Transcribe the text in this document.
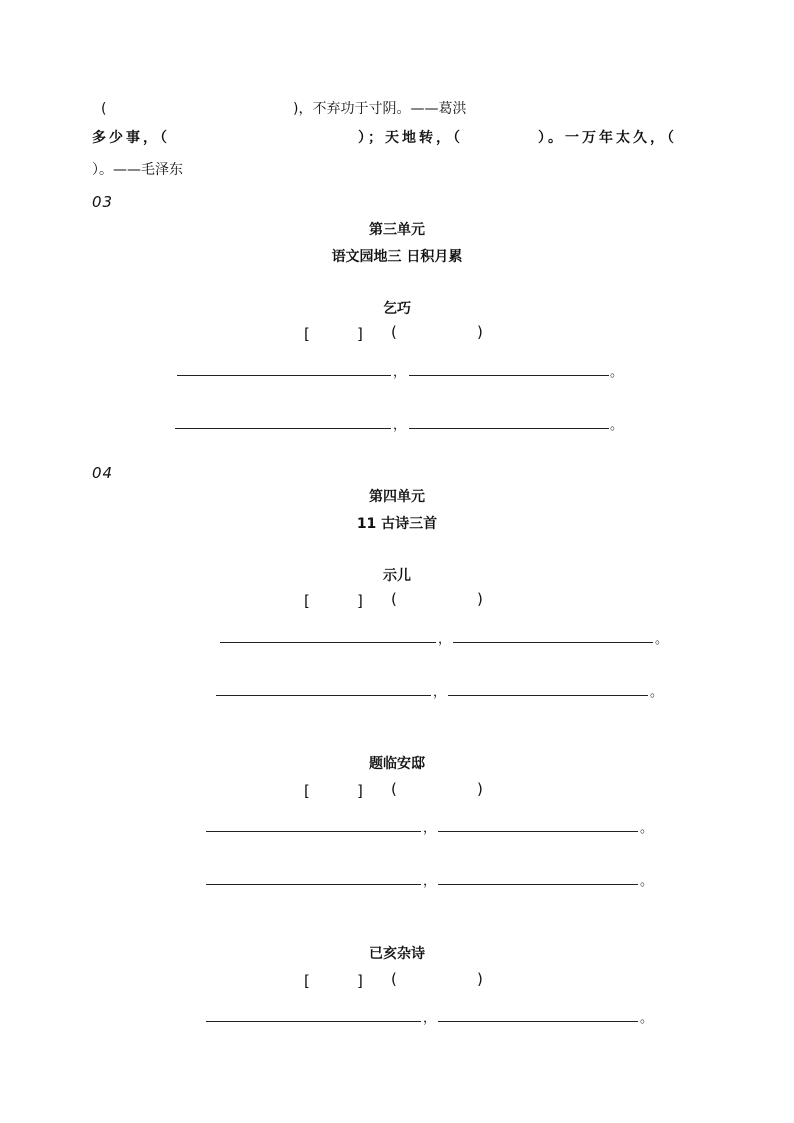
(	)，不弃功于寸阴。——葛洪
多少事，（	）；天地转，（	）。一万年太久，（
）。——毛泽东
03
第三单元
语文园地三 日积月累
乞巧
[	] (	)
，	。
，	。
04
第四单元
11 古诗三首
示儿
[	] (	)
，	。
，	。
题临安邸
[	] (	)
，	。
，	。
已亥杂诗
[	] (	)
，	。
